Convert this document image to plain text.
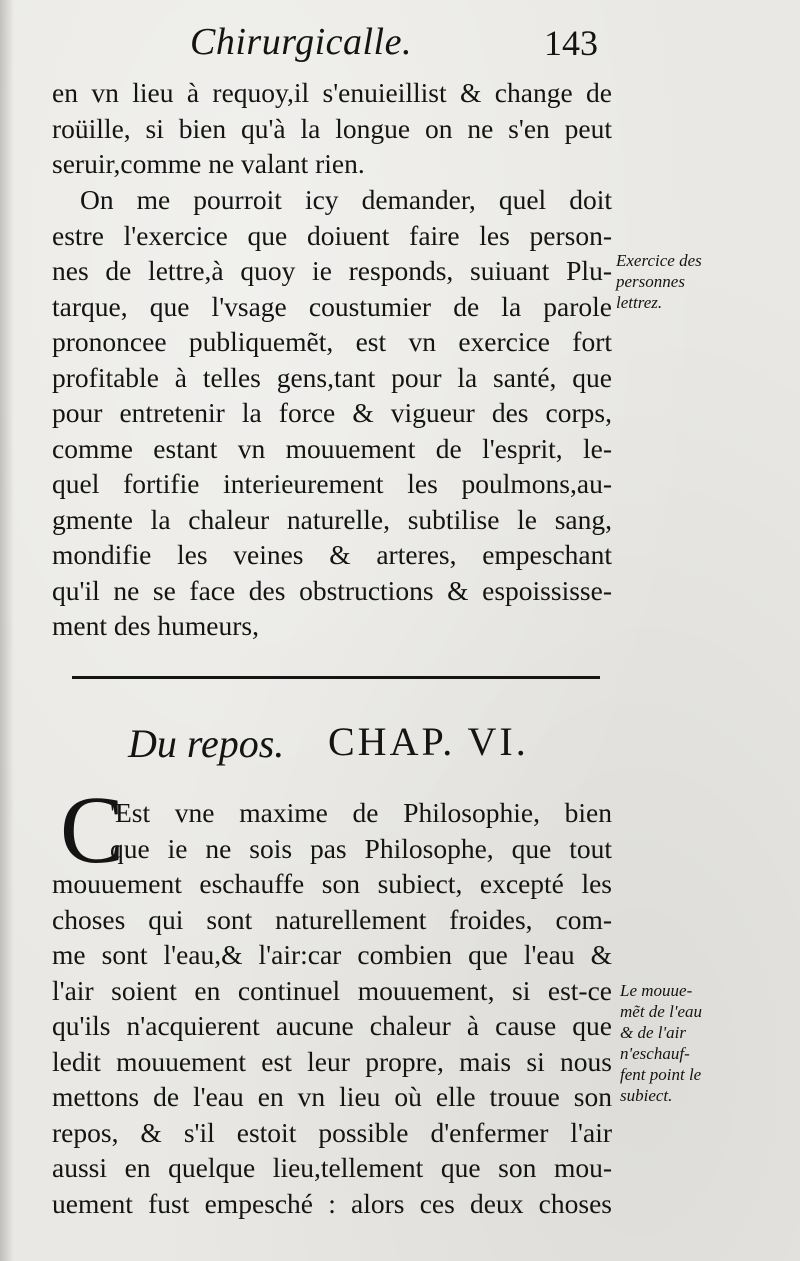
Chirurgicalle.	143

en vn lieu à requoy,il s'enuieillist & change de
roüille, si bien qu'à la longue on ne s'en peut
seruir,comme ne valant rien.

On me pourroit icy demander, quel doit
estre l'exercice que doiuent faire les person-
nes de lettre,à quoy ie responds, suiuant Plu-
tarque, que l'vsage coustumier de la parole
prononcee publiquemẽt, est vn exercice fort
profitable à telles gens,tant pour la santé, que
pour entretenir la force & vigueur des corps,
comme estant vn mouuement de l'esprit, le-
quel fortifie interieurement les poulmons,au-
gmente la chaleur naturelle, subtilise le sang,
mondifie les veines & arteres, empeschant
qu'il ne se face des obstructions & espoississe-
ment des humeurs,

Exercice des
personnes
lettrez.

Du repos. CHAP. VI.
C

'Est vne maxime de Philosophie, bien
que ie ne sois pas Philosophe, que tout
mouuement eschauffe son subiect, excepté les
choses qui sont naturellement froides, com-
me sont l'eau,& l'air:car combien que l'eau &
l'air soient en continuel mouuement, si est-ce
qu'ils n'acquierent aucune chaleur à cause que
ledit mouuement est leur propre, mais si nous
mettons de l'eau en vn lieu où elle trouue son
repos, & s'il estoit possible d'enfermer l'air
aussi en quelque lieu,tellement que son mou-
uement fust empesché : alors ces deux choses

Le mouue-
mẽt de l'eau
& de l'air
n'eschauf-
fent point le
subiect.
